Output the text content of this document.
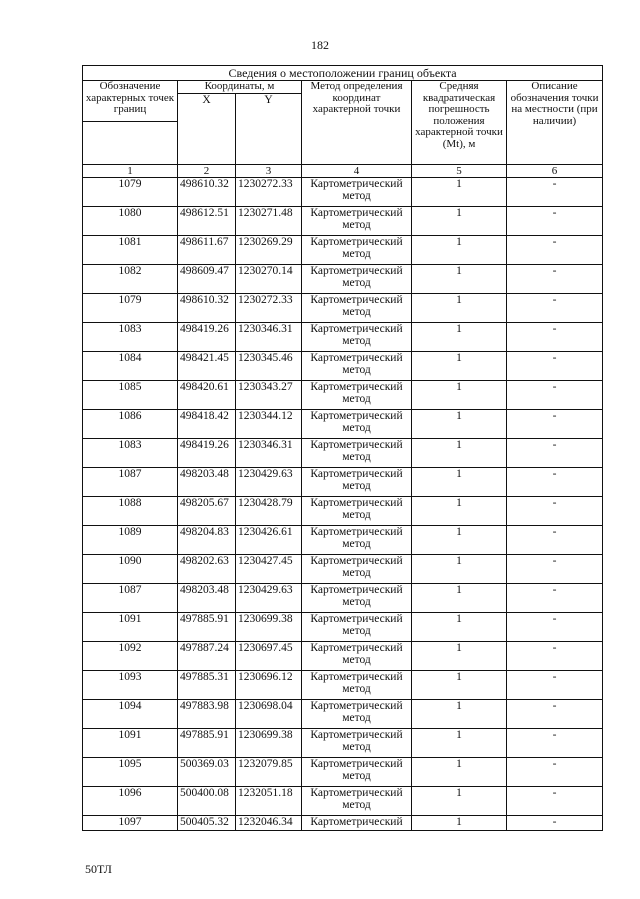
182
Сведения о местоположении границ объекта					
Обозначение характерных точек границ	Координаты, м		Метод определения координат характерной точки	Средняя квадратическая погрешность положения характерной точки (Mt), м	Описание обозначения точки на местности (при наличии)
	X	Y			

1	2	3	4	5	6
1079	498610.32	1230272.33	Картометрический метод	1	-
1080	498612.51	1230271.48	Картометрический метод	1	-
1081	498611.67	1230269.29	Картометрический метод	1	-
1082	498609.47	1230270.14	Картометрический метод	1	-
1079	498610.32	1230272.33	Картометрический метод	1	-
1083	498419.26	1230346.31	Картометрический метод	1	-
1084	498421.45	1230345.46	Картометрический метод	1	-
1085	498420.61	1230343.27	Картометрический метод	1	-
1086	498418.42	1230344.12	Картометрический метод	1	-
1083	498419.26	1230346.31	Картометрический метод	1	-
1087	498203.48	1230429.63	Картометрический метод	1	-
1088	498205.67	1230428.79	Картометрический метод	1	-
1089	498204.83	1230426.61	Картометрический метод	1	-
1090	498202.63	1230427.45	Картометрический метод	1	-
1087	498203.48	1230429.63	Картометрический метод	1	-
1091	497885.91	1230699.38	Картометрический метод	1	-
1092	497887.24	1230697.45	Картометрический метод	1	-
1093	497885.31	1230696.12	Картометрический метод	1	-
1094	497883.98	1230698.04	Картометрический метод	1	-
1091	497885.91	1230699.38	Картометрический метод	1	-
1095	500369.03	1232079.85	Картометрический метод	1	-
1096	500400.08	1232051.18	Картометрический метод	1	-
1097	500405.32	1232046.34	Картометрический	1	-
50ТЛ
